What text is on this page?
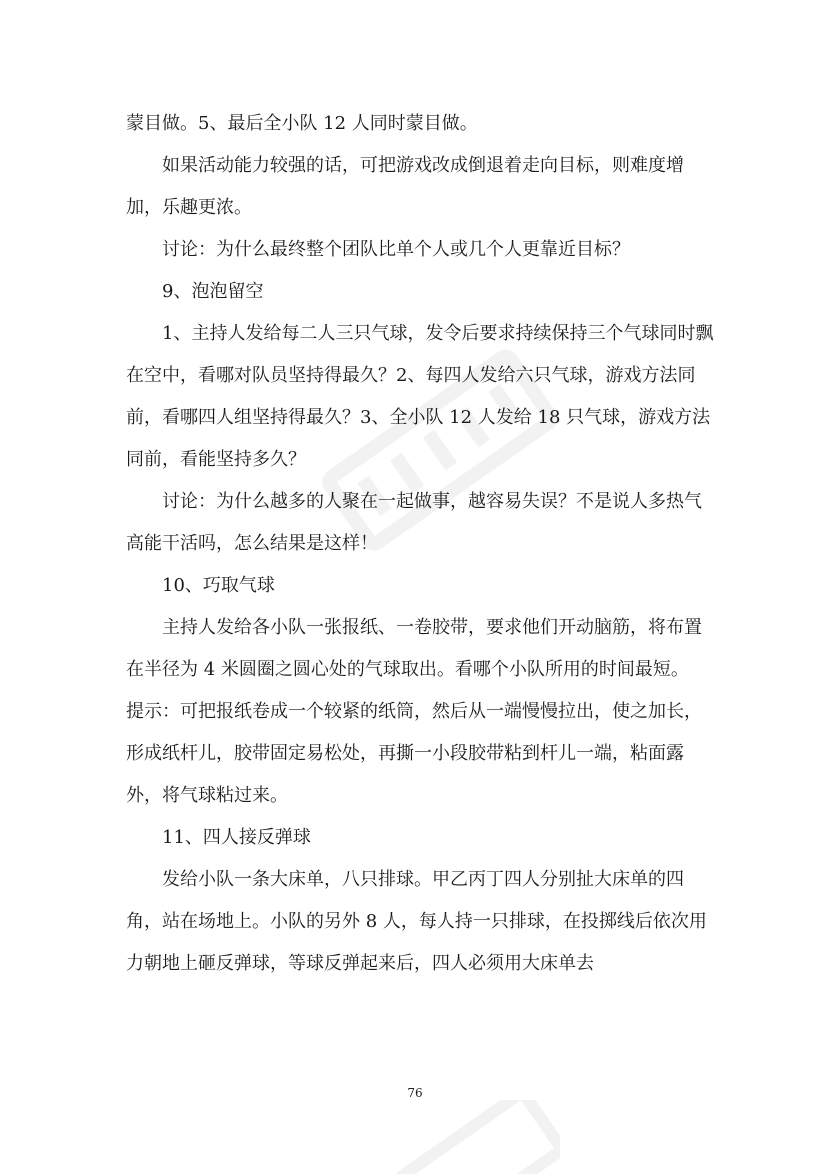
蒙目做。5、最后全小队 12 人同时蒙目做。

如果活动能力较强的话，可把游戏改成倒退着走向目标，则难度增加，乐趣更浓。

讨论：为什么最终整个团队比单个人或几个人更靠近目标？

9、泡泡留空

1、主持人发给每二人三只气球，发令后要求持续保持三个气球同时飘在空中，看哪对队员坚持得最久？2、每四人发给六只气球，游戏方法同前，看哪四人组坚持得最久？3、全小队 12 人发给 18 只气球，游戏方法同前，看能坚持多久？

讨论：为什么越多的人聚在一起做事，越容易失误？不是说人多热气高能干活吗，怎么结果是这样！

10、巧取气球

主持人发给各小队一张报纸、一卷胶带，要求他们开动脑筋，将布置在半径为 4 米圆圈之圆心处的气球取出。看哪个小队所用的时间最短。

提示：可把报纸卷成一个较紧的纸筒，然后从一端慢慢拉出，使之加长，形成纸杆儿，胶带固定易松处，再撕一小段胶带粘到杆儿一端，粘面露外，将气球粘过来。

11、四人接反弹球

发给小队一条大床单，八只排球。甲乙丙丁四人分别扯大床单的四角，站在场地上。小队的另外 8 人，每人持一只排球，在投掷线后依次用力朝地上砸反弹球，等球反弹起来后，四人必须用大床单去

76
